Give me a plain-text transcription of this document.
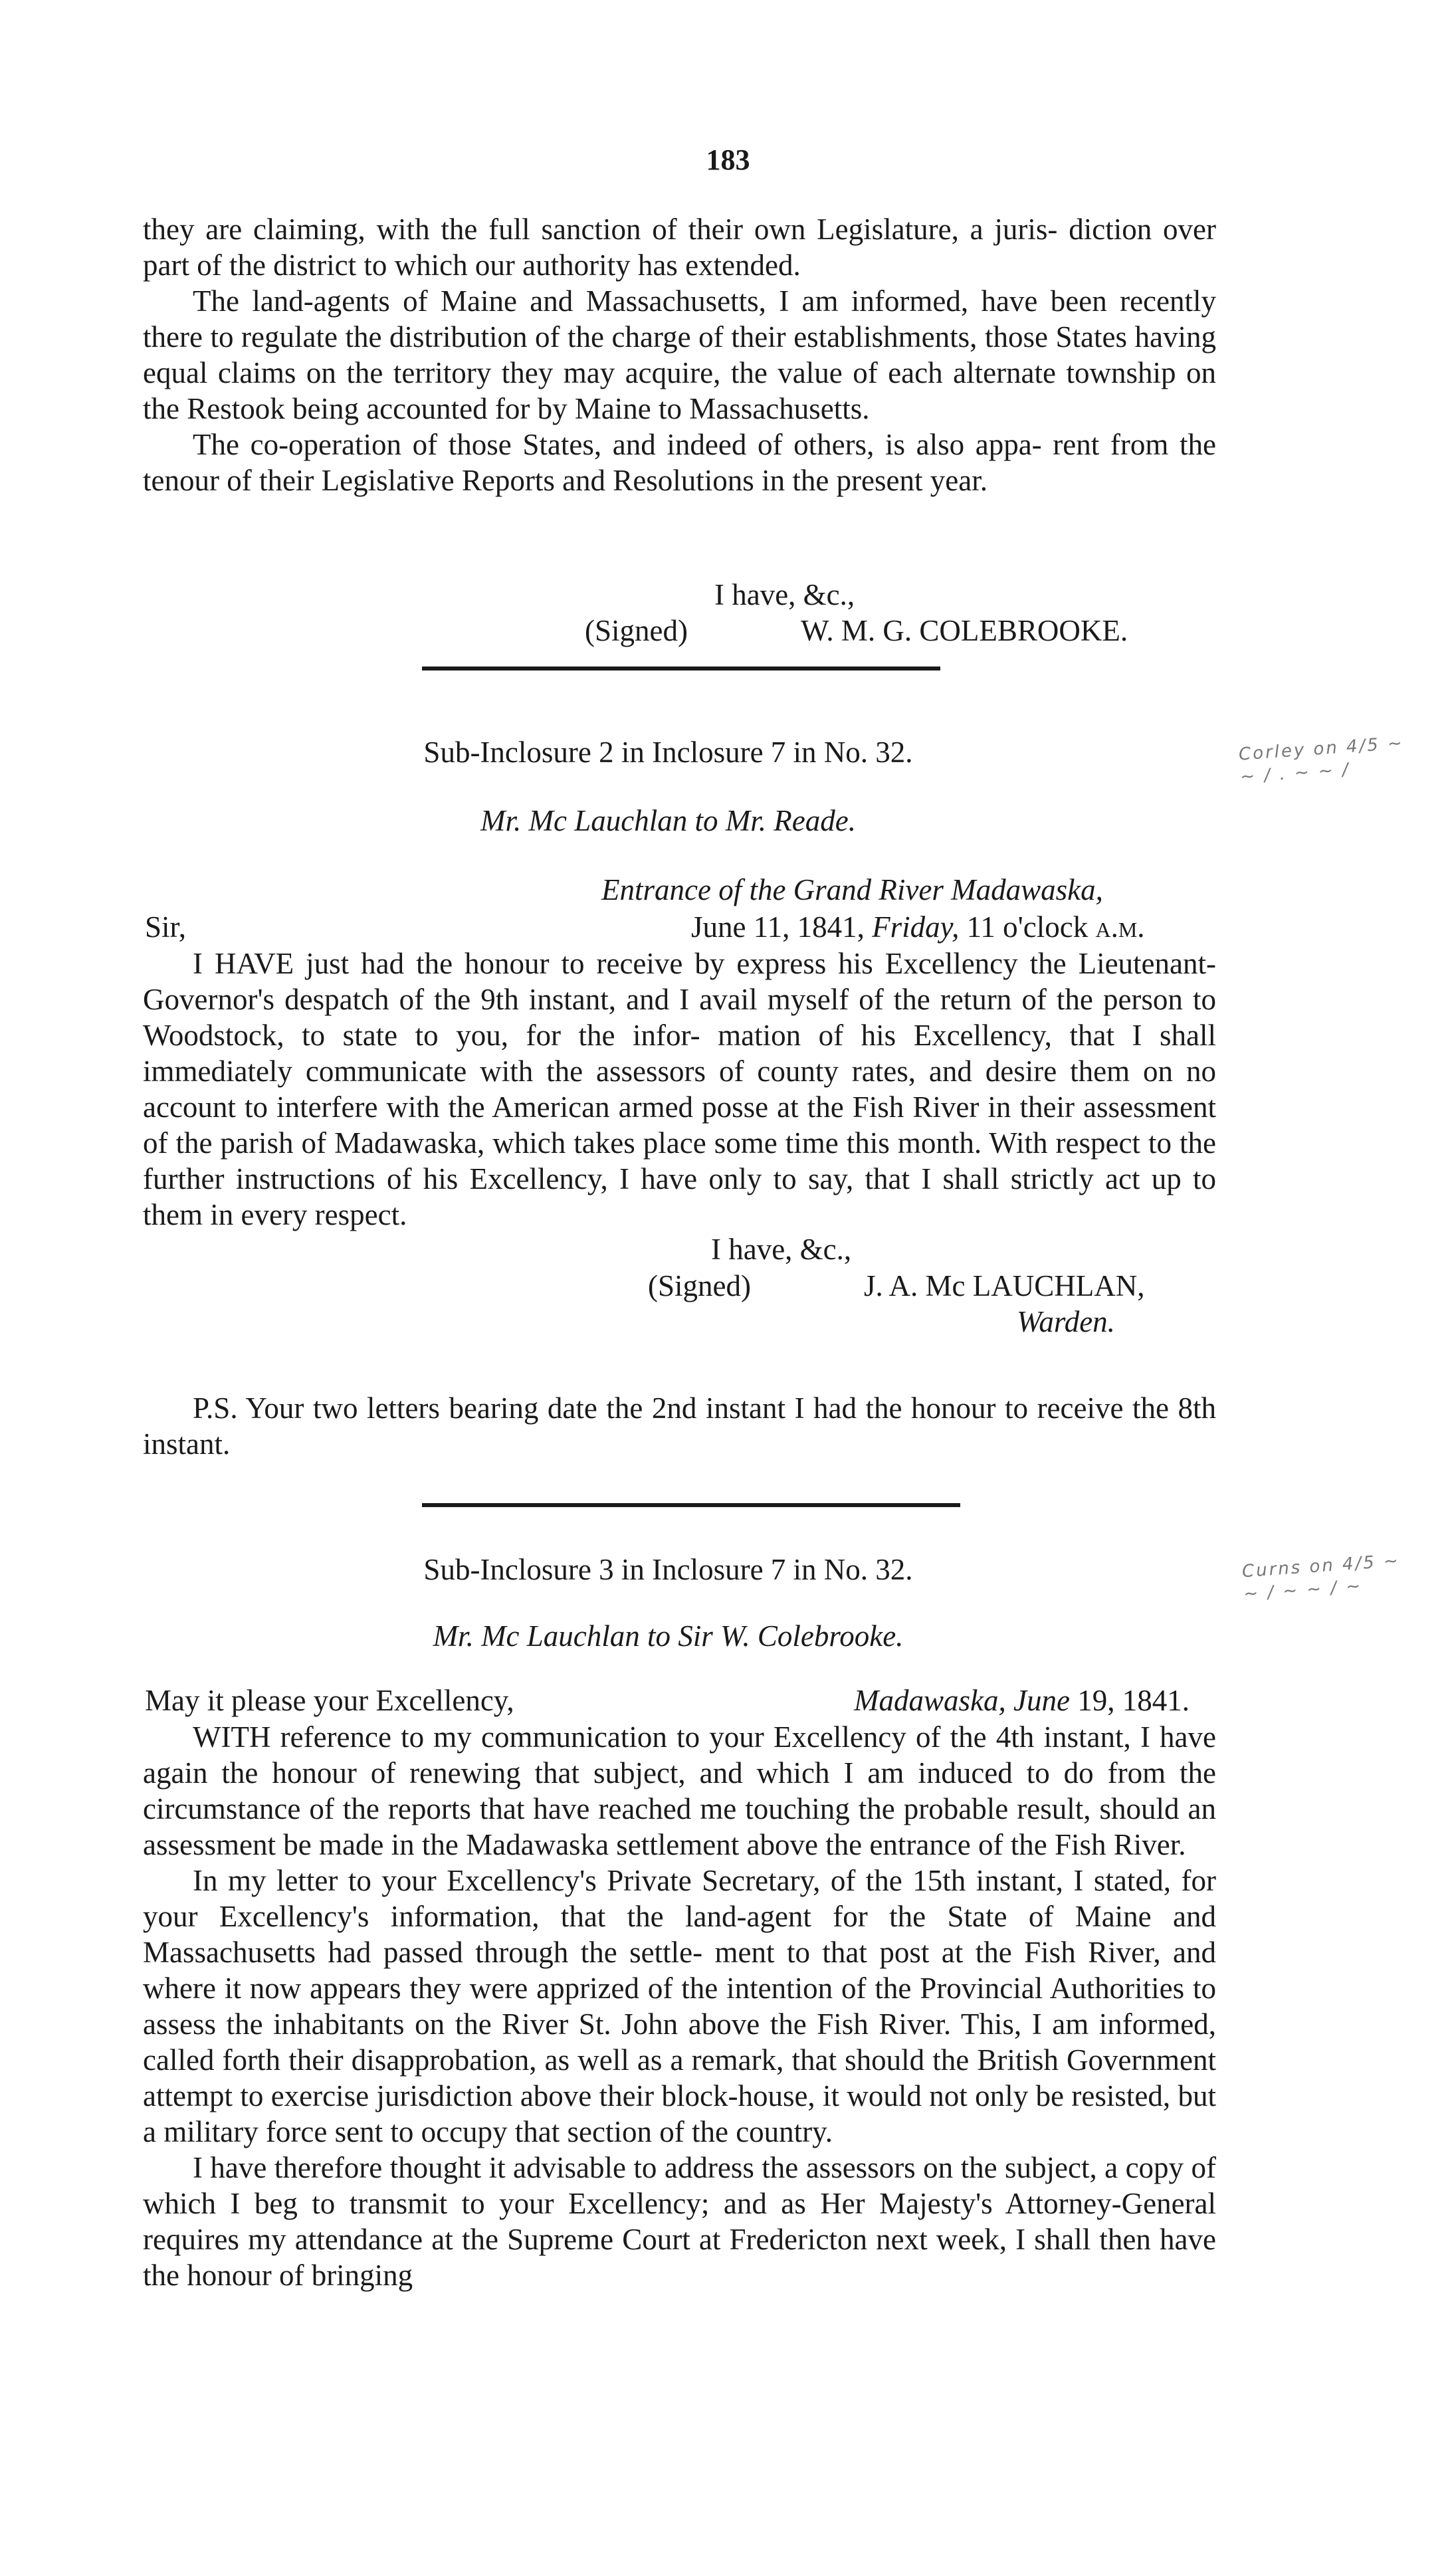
183

they are claiming, with the full sanction of their own Legislature, a juris- diction over part of the district to which our authority has extended.

The land-agents of Maine and Massachusetts, I am informed, have been recently there to regulate the distribution of the charge of their establishments, those States having equal claims on the territory they may acquire, the value of each alternate township on the Restook being accounted for by Maine to Massachusetts.

The co-operation of those States, and indeed of others, is also appa- rent from the tenour of their Legislative Reports and Resolutions in the present year.

I have, &c.,
(Signed)	W. M. G. COLEBROOKE.
Sub-Inclosure 2 in Inclosure 7 in No. 32.
Mr. Mc Lauchlan to Mr. Reade.
Corley on 4/5 ~
~ / . ~ ~ /
Entrance of the Grand River Madawaska,
Sir,	June 11, 1841, Friday, 11 o'clock a.m.

I HAVE just had the honour to receive by express his Excellency the Lieutenant-Governor's despatch of the 9th instant, and I avail myself of the return of the person to Woodstock, to state to you, for the infor- mation of his Excellency, that I shall immediately communicate with the assessors of county rates, and desire them on no account to interfere with the American armed posse at the Fish River in their assessment of the parish of Madawaska, which takes place some time this month. With respect to the further instructions of his Excellency, I have only to say, that I shall strictly act up to them in every respect.

I have, &c.,
(Signed)	J. A. Mc LAUCHLAN,
Warden.

P.S. Your two letters bearing date the 2nd instant I had the honour to receive the 8th instant.

Sub-Inclosure 3 in Inclosure 7 in No. 32.
Mr. Mc Lauchlan to Sir W. Colebrooke.
Curns on 4/5 ~
~ / ~ ~ / ~
May it please your Excellency,	Madawaska, June 19, 1841.

WITH reference to my communication to your Excellency of the 4th instant, I have again the honour of renewing that subject, and which I am induced to do from the circumstance of the reports that have reached me touching the probable result, should an assessment be made in the Madawaska settlement above the entrance of the Fish River.

In my letter to your Excellency's Private Secretary, of the 15th instant, I stated, for your Excellency's information, that the land-agent for the State of Maine and Massachusetts had passed through the settle- ment to that post at the Fish River, and where it now appears they were apprized of the intention of the Provincial Authorities to assess the inhabitants on the River St. John above the Fish River. This, I am informed, called forth their disapprobation, as well as a remark, that should the British Government attempt to exercise jurisdiction above their block-house, it would not only be resisted, but a military force sent to occupy that section of the country.

I have therefore thought it advisable to address the assessors on the subject, a copy of which I beg to transmit to your Excellency; and as Her Majesty's Attorney-General requires my attendance at the Supreme Court at Fredericton next week, I shall then have the honour of bringing
